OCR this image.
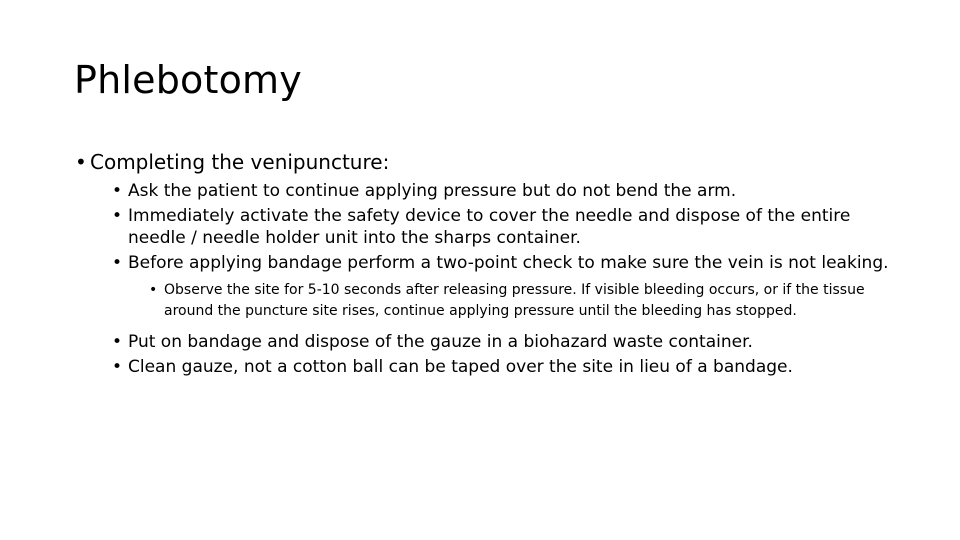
Phlebotomy
• Completing the venipuncture:
• Ask the patient to continue applying pressure but do not bend the arm.
• Immediately activate the safety device to cover the needle and dispose of the entire needle / needle holder unit into the sharps container.
• Before applying bandage perform a two-point check to make sure the vein is not leaking.
• Observe the site for 5-10 seconds after releasing pressure. If visible bleeding occurs, or if the tissue around the puncture site rises, continue applying pressure until the bleeding has stopped.
• Put on bandage and dispose of the gauze in a biohazard waste container.
• Clean gauze, not a cotton ball can be taped over the site in lieu of a bandage.
